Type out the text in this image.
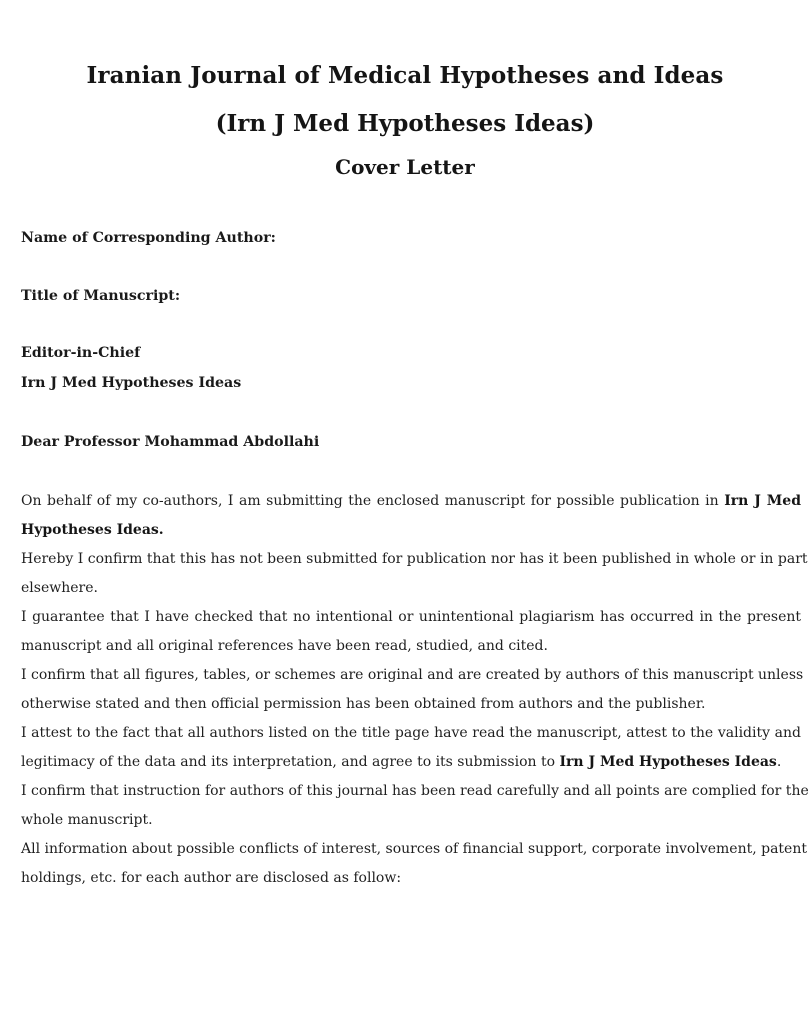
Iranian Journal of Medical Hypotheses and Ideas
(Irn J Med Hypotheses Ideas)
Cover Letter
Name of Corresponding Author:
Title of Manuscript:
Editor-in-Chief
Irn J Med Hypotheses Ideas
Dear Professor Mohammad Abdollahi
On behalf of my co-authors, I am submitting the enclosed manuscript for possible publication in Irn J Med
Hypotheses Ideas.
Hereby I confirm that this has not been submitted for publication nor has it been published in whole or in part
elsewhere.
I guarantee that I have checked that no intentional or unintentional plagiarism has occurred in the present
manuscript and all original references have been read, studied, and cited.
I confirm that all figures, tables, or schemes are original and are created by authors of this manuscript unless
otherwise stated and then official permission has been obtained from authors and the publisher.
I attest to the fact that all authors listed on the title page have read the manuscript, attest to the validity and
legitimacy of the data and its interpretation, and agree to its submission to Irn J Med Hypotheses Ideas.
I confirm that instruction for authors of this journal has been read carefully and all points are complied for the
whole manuscript.
All information about possible conflicts of interest, sources of financial support, corporate involvement, patent
holdings, etc. for each author are disclosed as follow:
